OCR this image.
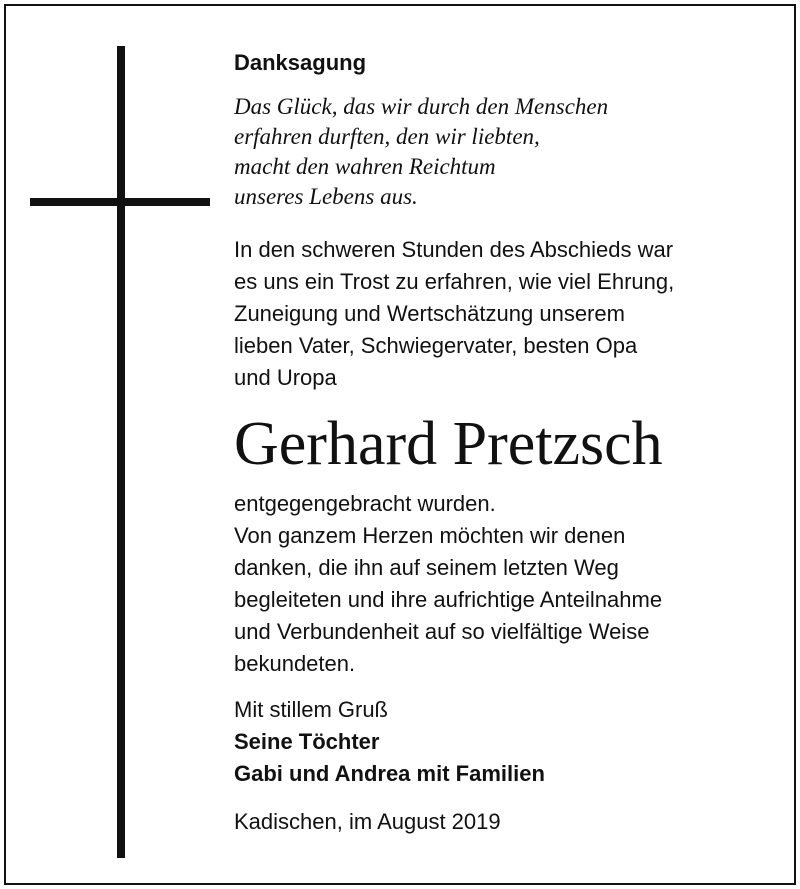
Danksagung
Das Glück, das wir durch den Menschen
erfahren durften, den wir liebten,
macht den wahren Reichtum
unseres Lebens aus.
In den schweren Stunden des Abschieds war
es uns ein Trost zu erfahren, wie viel Ehrung,
Zuneigung und Wertschätzung unserem
lieben Vater, Schwiegervater, besten Opa
und Uropa
Gerhard Pretzsch
entgegengebracht wurden.
Von ganzem Herzen möchten wir denen
danken, die ihn auf seinem letzten Weg
begleiteten und ihre aufrichtige Anteilnahme
und Verbundenheit auf so vielfältige Weise
bekundeten.
Mit stillem Gruß
Seine Töchter
Gabi und Andrea mit Familien
Kadischen, im August 2019
